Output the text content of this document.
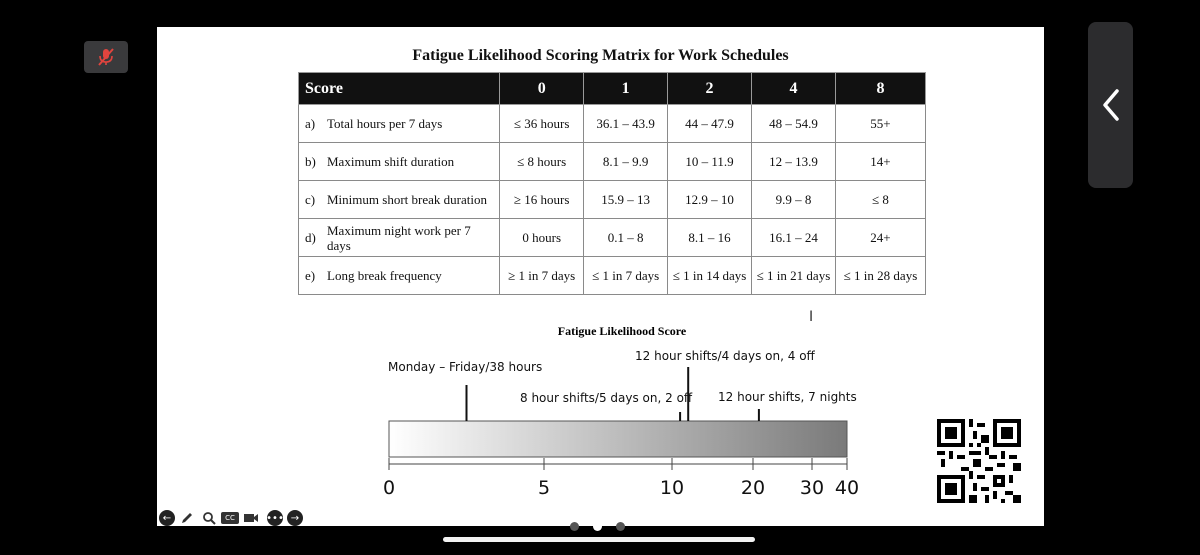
Fatigue Likelihood Scoring Matrix for Work Schedules
Score	0	1	2	4	8

a) Total hours per 7 days	≤ 36 hours	36.1 – 43.9	44 – 47.9	48 – 54.9	55+

b) Maximum shift duration	≤ 8 hours	8.1 – 9.9	10 – 11.9	12 – 13.9	14+

c) Minimum short break duration	≥ 16 hours	15.9 – 13	12.9 – 10	9.9 – 8	≤ 8

d) Maximum night work per 7 days	0 hours	0.1 – 8	8.1 – 16	16.1 – 24	24+

e) Long break frequency	≥ 1 in 7 days	≤ 1 in 7 days	≤ 1 in 14 days	≤ 1 in 21 days	≤ 1 in 28 days
I
Fatigue Likelihood Score
0	5	10	20 30 40
Monday – Friday/38 hours
8 hour shifts/5 days on, 2 off
12 hour shifts/4 days on, 4 off
12 hour shifts, 7 nights
←	CC	••• →
